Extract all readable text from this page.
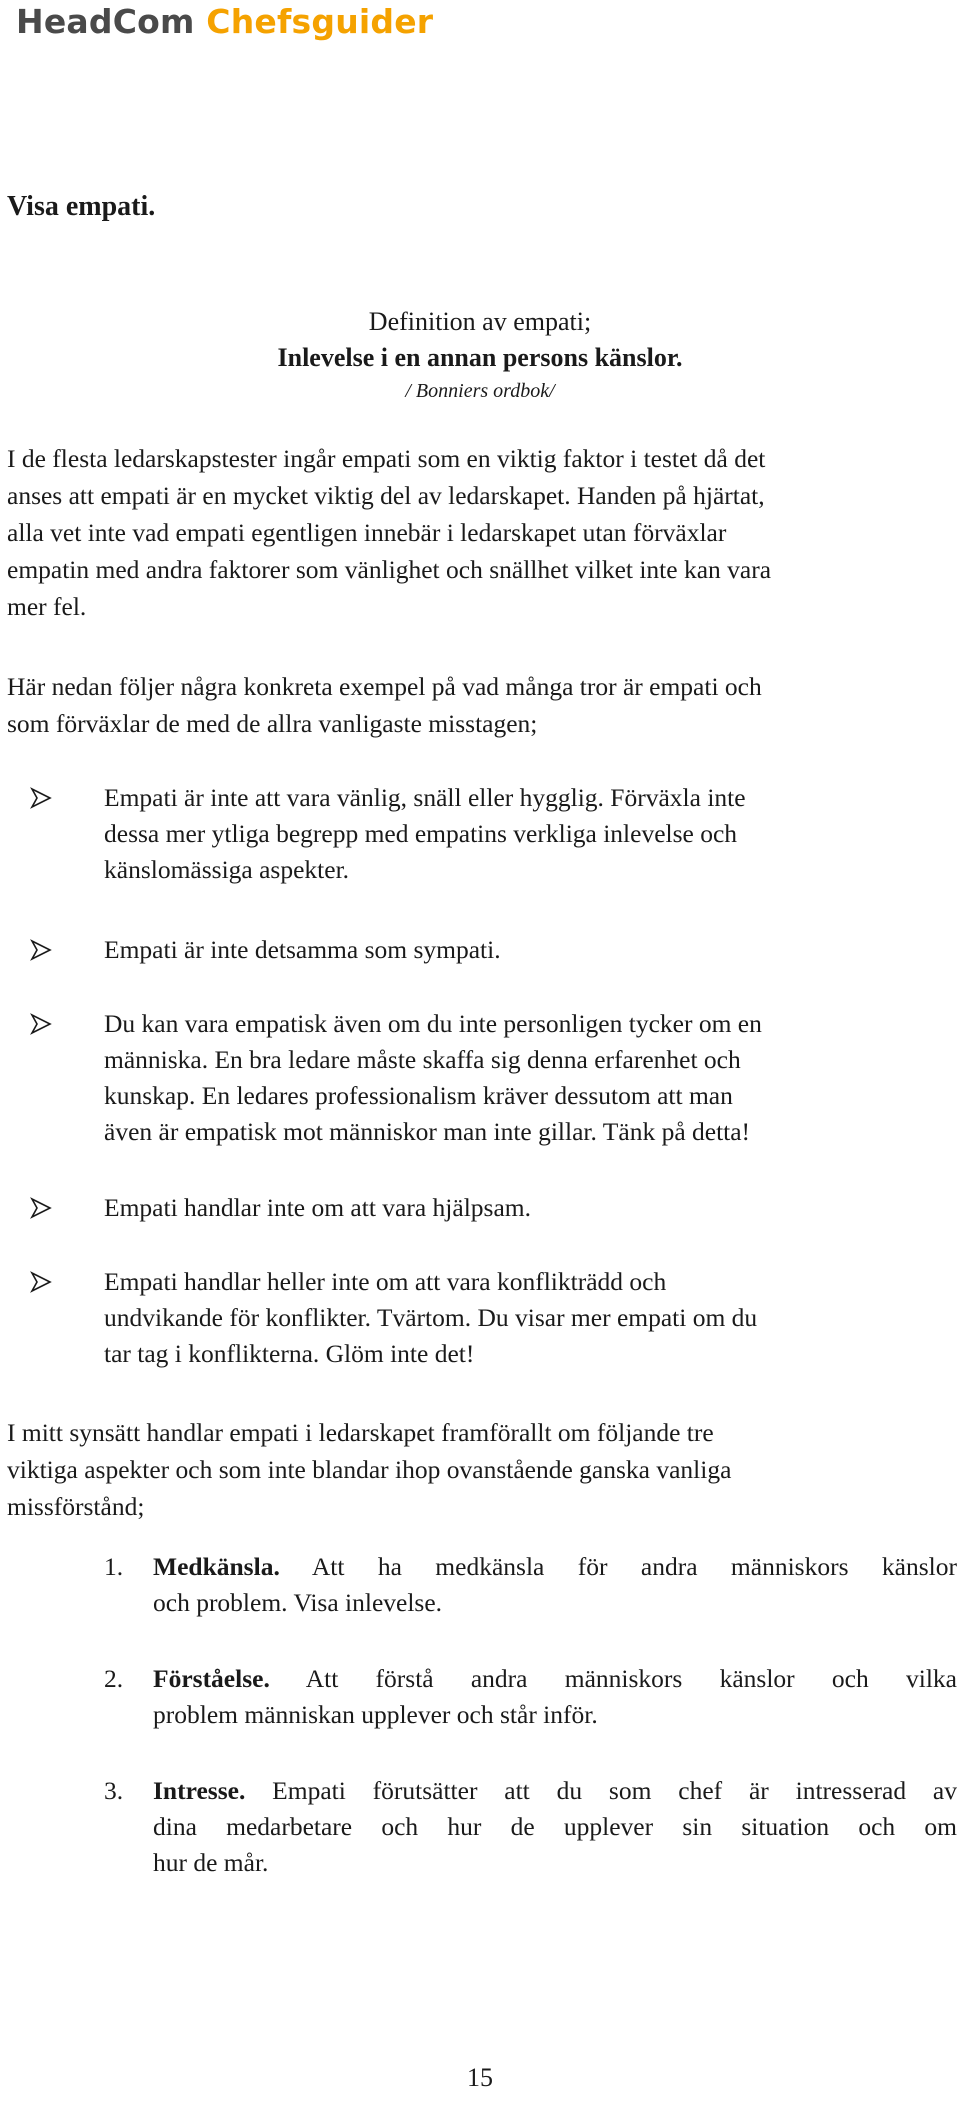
HeadCom Chefsguider
Visa empati.
Definition av empati;
Inlevelse i en annan persons känslor.
/ Bonniers ordbok/

I de flesta ledarskapstester ingår empati som en viktig faktor i testet då det
anses att empati är en mycket viktig del av ledarskapet. Handen på hjärtat,
alla vet inte vad empati egentligen innebär i ledarskapet utan förväxlar
empatin med andra faktorer som vänlighet och snällhet vilket inte kan vara
mer fel.

Här nedan följer några konkreta exempel på vad många tror är empati och
som förväxlar de med de allra vanligaste misstagen;

Empati är inte att vara vänlig, snäll eller hygglig. Förväxla inte
dessa mer ytliga begrepp med empatins verkliga inlevelse och
känslomässiga aspekter.
Empati är inte detsamma som sympati.
Du kan vara empatisk även om du inte personligen tycker om en
människa. En bra ledare måste skaffa sig denna erfarenhet och
kunskap. En ledares professionalism kräver dessutom att man
även är empatisk mot människor man inte gillar. Tänk på detta!
Empati handlar inte om att vara hjälpsam.
Empati handlar heller inte om att vara konflikträdd och
undvikande för konflikter. Tvärtom. Du visar mer empati om du
tar tag i konflikterna. Glöm inte det!

I mitt synsätt handlar empati i ledarskapet framförallt om följande tre
viktiga aspekter och som inte blandar ihop ovanstående ganska vanliga
missförstånd;

1. Medkänsla. Att ha medkänsla för andra människors känslor
och problem. Visa inlevelse.
2. Förståelse. Att förstå andra människors känslor och vilka
problem människan upplever och står inför.
3. Intresse. Empati förutsätter att du som chef är intresserad av
dina medarbetare och hur de upplever sin situation och om
hur de mår.
15
